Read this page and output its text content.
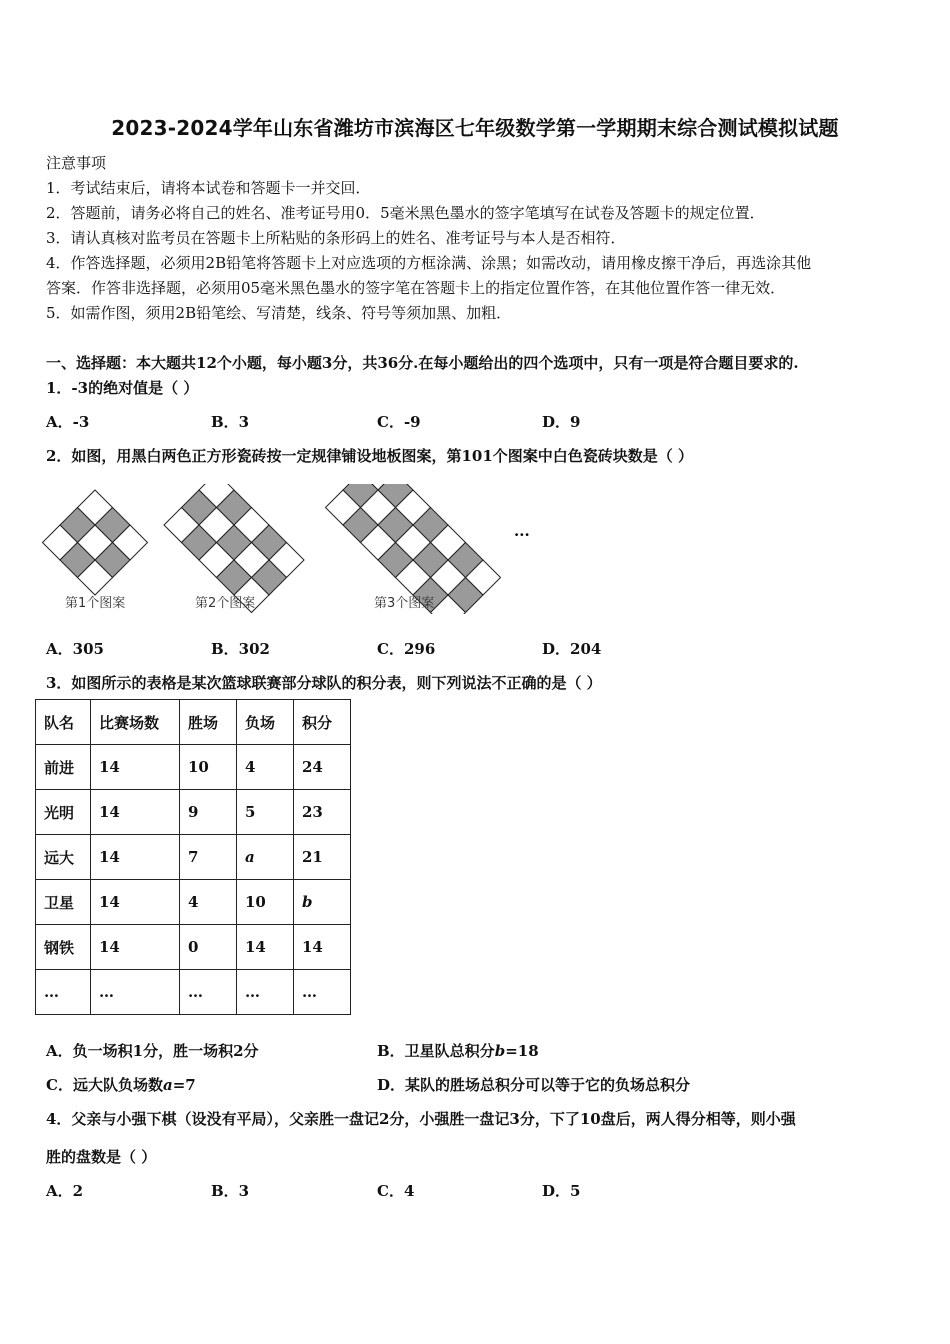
2023-2024学年山东省潍坊市滨海区七年级数学第一学期期末综合测试模拟试题
注意事项
1．考试结束后，请将本试卷和答题卡一并交回．
2．答题前，请务必将自己的姓名、准考证号用0．5毫米黑色墨水的签字笔填写在试卷及答题卡的规定位置．
3．请认真核对监考员在答题卡上所粘贴的条形码上的姓名、准考证号与本人是否相符．
4．作答选择题，必须用2B铅笔将答题卡上对应选项的方框涂满、涂黑；如需改动，请用橡皮擦干净后，再选涂其他
答案．作答非选择题，必须用05毫米黑色墨水的签字笔在答题卡上的指定位置作答，在其他位置作答一律无效．
5．如需作图，须用2B铅笔绘、写清楚，线条、符号等须加黑、加粗．
一、选择题：本大题共12个小题，每小题3分，共36分.在每小题给出的四个选项中，只有一项是符合题目要求的.
1．-3的绝对值是（ ）
A．-3	B．3	C．-9	D．9
2．如图，用黑白两色正方形瓷砖按一定规律铺设地板图案，第101个图案中白色瓷砖块数是（ ）
第1个图案	第2个图案	第3个图案
···
A．305	B．302	C．296	D．204
3．如图所示的表格是某次篮球联赛部分球队的积分表，则下列说法不正确的是（ ）
队名	比赛场数	胜场	负场	积分
前进	14	10	4	24
光明	14	9	5	23
远大	14	7	a	21
卫星	14	4	10	b
钢铁	14	0	14	14
…	…	…	…	…
A．负一场积1分，胜一场积2分	B．卫星队总积分b=18
C．远大队负场数a=7	D．某队的胜场总积分可以等于它的负场总积分
4．父亲与小强下棋（设没有平局），父亲胜一盘记2分，小强胜一盘记3分，下了10盘后，两人得分相等，则小强
胜的盘数是（ ）
A．2	B．3	C．4	D．5
